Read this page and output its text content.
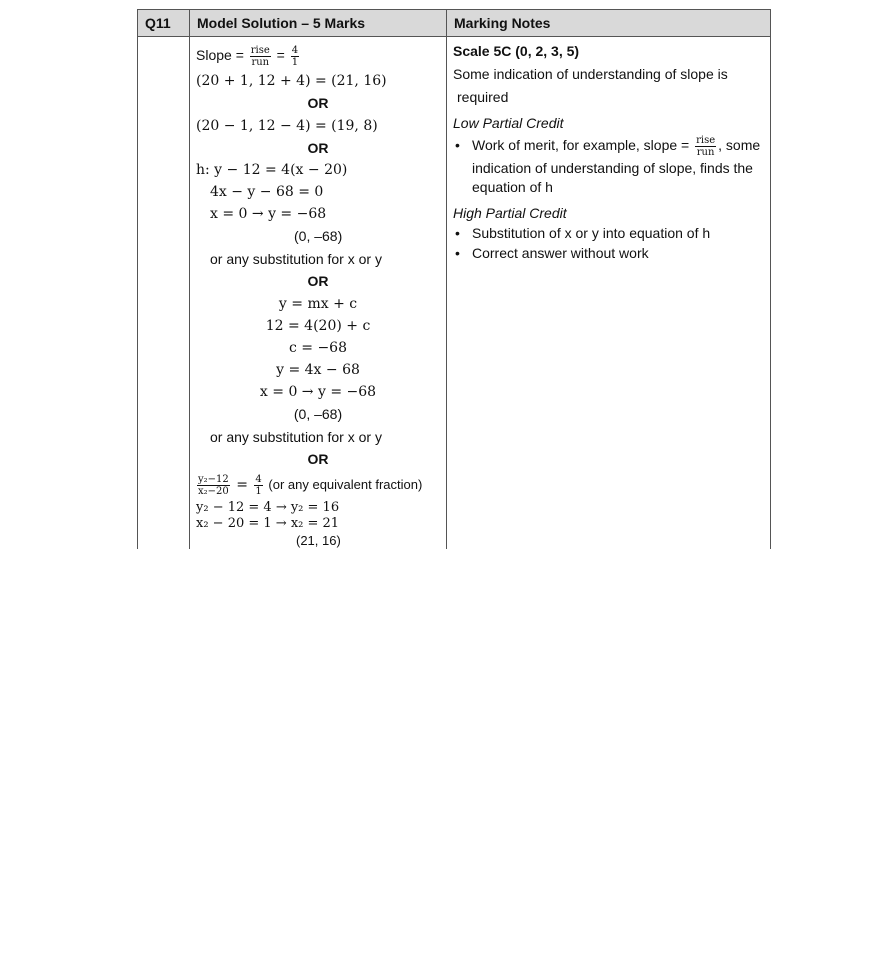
Q11 Model Solution – 5 Marks	Marking Notes
Slope = $\frac{\text{rise}}{\text{run}} = \frac{4}{1}$
(20 + 1, 12 + 4) = (21, 16)
OR
(20 − 1, 12 − 4) = (19, 8)
OR
h: y − 12 = 4(x − 20)
4x − y − 68 = 0
x = 0 → y = −68
(0, –68)
or any substitution for x or y
OR
y = mx + c
12 = 4(20) + c
c = −68
y = 4x − 68
x = 0 → y = −68
(0, –68)
or any substitution for x or y
OR
$\frac{\text{y₂−12}}{\text{x₂−20}} = \frac{4}{1} (or$ any equivalent fraction)
y₂ − 12 = 4 → y₂ = 16
x₂ − 20 = 1 → x₂ = 21
(21, 16)
Scale 5C (0, 2, 3, 5)
Some indication of understanding of slope is
required
Low Partial Credit
• Work of merit, for example, slope = $\frac{\text{rise}}{\text{run}}$ , some
indication of understanding of slope, finds the
equation of h
High Partial Credit
• Substitution of x or y into equation of h
• Correct answer without work
